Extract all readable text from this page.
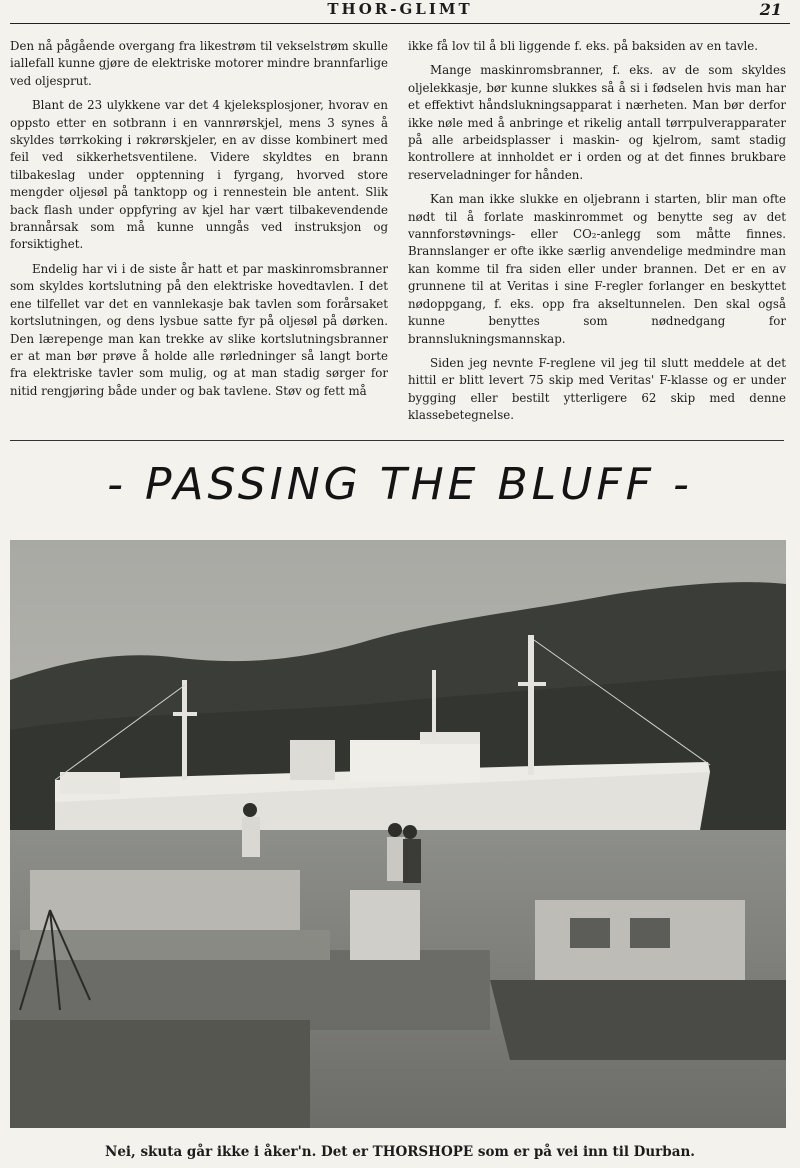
THOR-GLIMT	21

Den nå pågående overgang fra likestrøm til vekselstrøm skulle iallefall kunne gjøre de elektriske motorer mindre brannfarlige ved oljesprut.

Blant de 23 ulykkene var det 4 kjeleksplosjoner, hvorav en oppsto etter en sotbrann i en vannrørskjel, mens 3 synes å skyldes tørrkoking i røkrørskjeler, en av disse kombinert med feil ved sikkerhetsventilene. Videre skyldtes en brann tilbakeslag under opptenning i fyrgang, hvorved store mengder oljesøl på tanktopp og i rennestein ble antent. Slik back flash under oppfyring av kjel har vært tilbakevendende brannårsak som må kunne unngås ved instruksjon og forsiktighet.

Endelig har vi i de siste år hatt et par maskinromsbranner som skyldes kortslutning på den elektriske hovedtavlen. I det ene tilfellet var det en vannlekasje bak tavlen som forårsaket kortslutningen, og dens lysbue satte fyr på oljesøl på dørken. Den lærepenge man kan trekke av slike kortslutningsbranner er at man bør prøve å holde alle rørledninger så langt borte fra elektriske tavler som mulig, og at man stadig sørger for nitid rengjøring både under og bak tavlene. Støv og fett må

ikke få lov til å bli liggende f. eks. på baksiden av en tavle.

Mange maskinromsbranner, f. eks. av de som skyldes oljelekkasje, bør kunne slukkes så å si i fødselen hvis man har et effektivt håndslukningsapparat i nærheten. Man bør derfor ikke nøle med å anbringe et rikelig antall tørrpulverapparater på alle arbeidsplasser i maskin- og kjelrom, samt stadig kontrollere at innholdet er i orden og at det finnes brukbare reserveladninger for hånden.

Kan man ikke slukke en oljebrann i starten, blir man ofte nødt til å forlate maskinrommet og benytte seg av det vannforstøvnings- eller CO₂-anlegg som måtte finnes. Brannslanger er ofte ikke særlig anvendelige medmindre man kan komme til fra siden eller under brannen. Det er en av grunnene til at Veritas i sine F-regler forlanger en beskyttet nødoppgang, f. eks. opp fra akseltunnelen. Den skal også kunne benyttes som nødnedgang for brannslukningsmannskap.

Siden jeg nevnte F-reglene vil jeg til slutt meddele at det hittil er blitt levert 75 skip med Veritas' F-klasse og er under bygging eller bestilt ytterligere 62 skip med denne klassebetegnelse.

- PASSING THE BLUFF -
Nei, skuta går ikke i åker'n. Det er THORSHOPE som er på vei inn til Durban.
